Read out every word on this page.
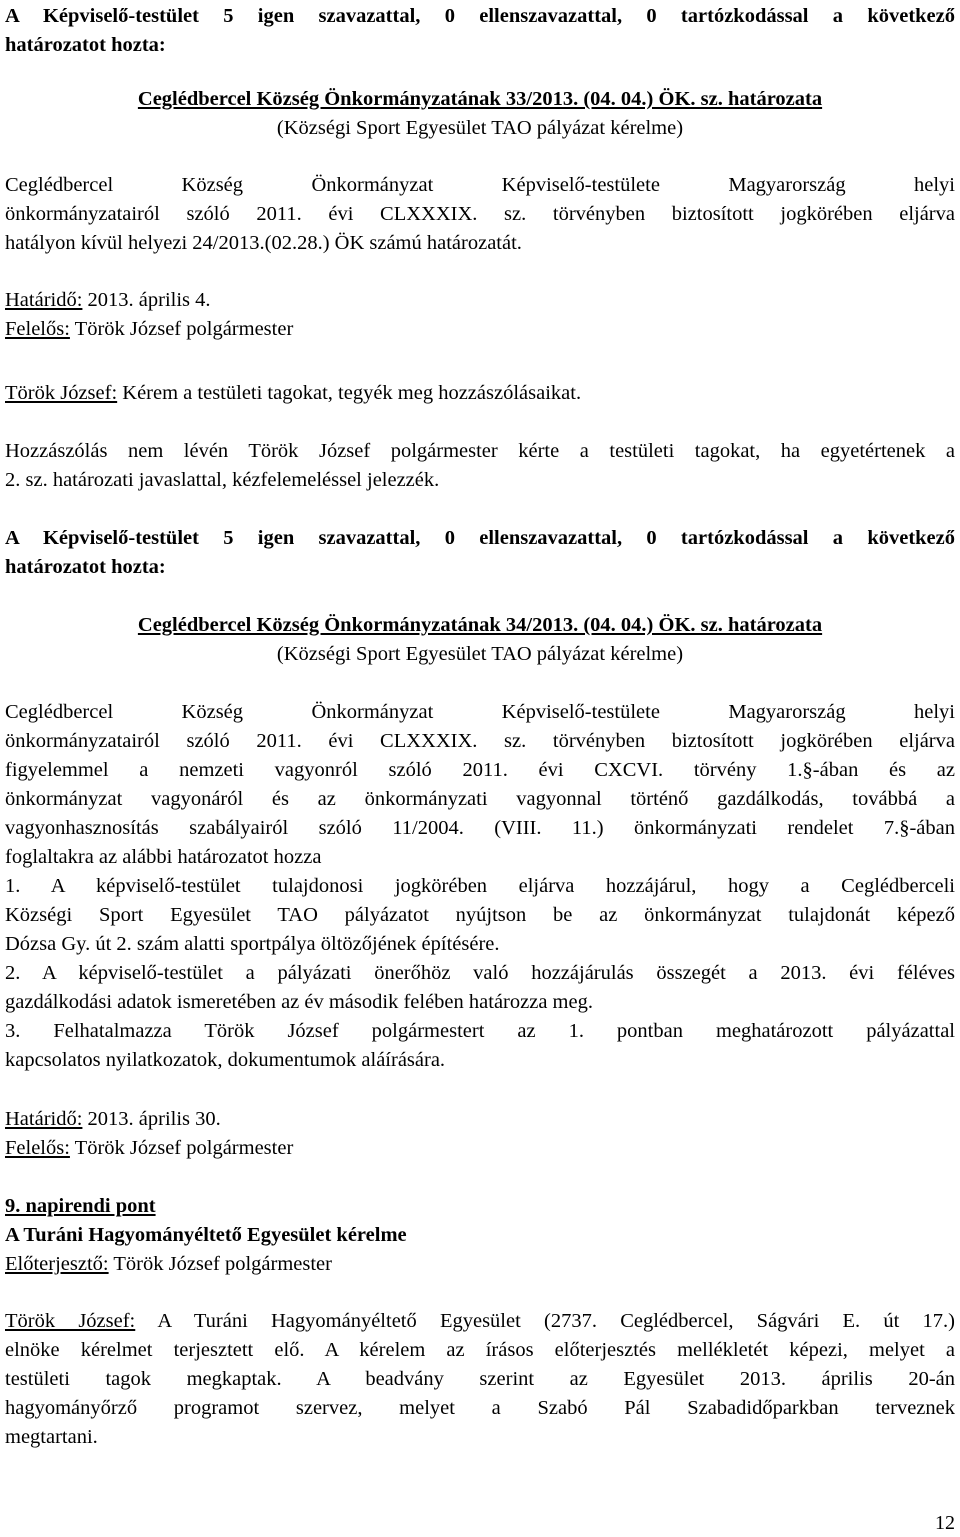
A Képviselő-testület 5 igen szavazattal, 0 ellenszavazattal, 0 tartózkodással a következő

határozatot hozta:

Ceglédbercel Község Önkormányzatának 33/2013. (04. 04.) ÖK. sz. határozata

(Községi Sport Egyesület TAO pályázat kérelme)

Ceglédbercel Község Önkormányzat Képviselő-testülete Magyarország helyi

önkormányzatairól szóló 2011. évi CLXXXIX. sz. törvényben biztosított jogkörében eljárva

hatályon kívül helyezi 24/2013.(02.28.) ÖK számú határozatát.

Határidő: 2013. április 4.

Felelős: Török József polgármester

Török József: Kérem a testületi tagokat, tegyék meg hozzászólásaikat.

Hozzászólás nem lévén Török József polgármester kérte a testületi tagokat, ha egyetértenek a

2. sz. határozati javaslattal, kézfelemeléssel jelezzék.

A Képviselő-testület 5 igen szavazattal, 0 ellenszavazattal, 0 tartózkodással a következő

határozatot hozta:

Ceglédbercel Község Önkormányzatának 34/2013. (04. 04.) ÖK. sz. határozata

(Községi Sport Egyesület TAO pályázat kérelme)

Ceglédbercel Község Önkormányzat Képviselő-testülete Magyarország helyi

önkormányzatairól szóló 2011. évi CLXXXIX. sz. törvényben biztosított jogkörében eljárva

figyelemmel a nemzeti vagyonról szóló 2011. évi CXCVI. törvény 1.§-ában és az

önkormányzat vagyonáról és az önkormányzati vagyonnal történő gazdálkodás, továbbá a

vagyonhasznosítás szabályairól szóló 11/2004. (VIII. 11.) önkormányzati rendelet 7.§-ában

foglaltakra az alábbi határozatot hozza

1. A képviselő-testület tulajdonosi jogkörében eljárva hozzájárul, hogy a Ceglédberceli

Községi Sport Egyesület TAO pályázatot nyújtson be az önkormányzat tulajdonát képező

Dózsa Gy. út 2. szám alatti sportpálya öltözőjének építésére.

2. A képviselő-testület a pályázati önerőhöz való hozzájárulás összegét a 2013. évi féléves

gazdálkodási adatok ismeretében az év második felében határozza meg.

3. Felhatalmazza Török József polgármestert az 1. pontban meghatározott pályázattal

kapcsolatos nyilatkozatok, dokumentumok aláírására.

Határidő: 2013. április 30.

Felelős: Török József polgármester

9. napirendi pont

A Turáni Hagyományéltető Egyesület kérelme

Előterjesztő: Török József polgármester

Török József: A Turáni Hagyományéltető Egyesület (2737. Ceglédbercel, Ságvári E. út 17.)

elnöke kérelmet terjesztett elő. A kérelem az írásos előterjesztés mellékletét képezi, melyet a

testületi tagok megkaptak. A beadvány szerint az Egyesület 2013. április 20-án

hagyományőrző programot szervez, melyet a Szabó Pál Szabadidőparkban terveznek

megtartani.

12
